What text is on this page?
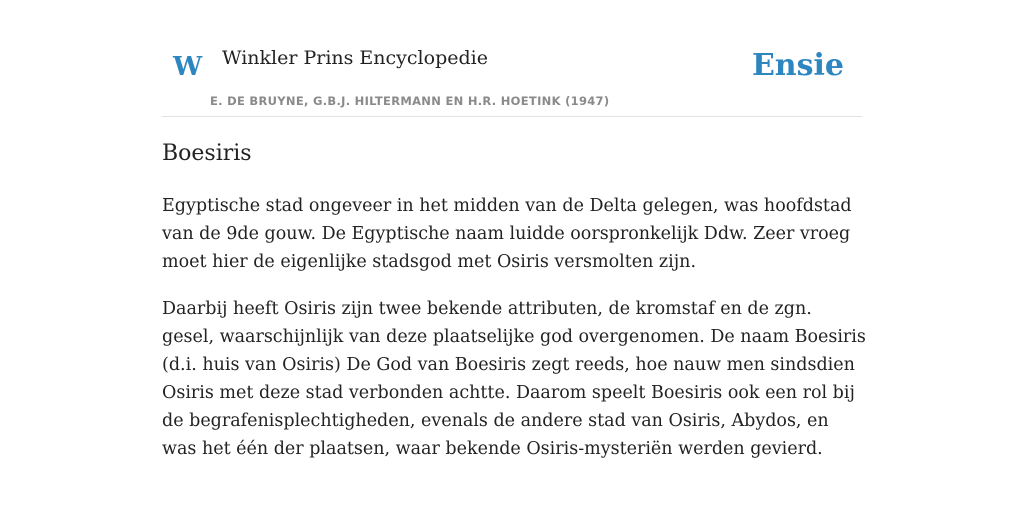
W Winkler Prins Encyclopedie
E. DE BRUYNE, G.B.J. HILTERMANN EN H.R. HOETINK (1947)
Ensie
Boesiris

Egyptische stad ongeveer in het midden van de Delta gelegen, was hoofdstad van de 9de gouw. De Egyptische naam luidde oorspronkelijk Ddw. Zeer vroeg moet hier de eigenlijke stadsgod met Osiris versmolten zijn.

Daarbij heeft Osiris zijn twee bekende attributen, de kromstaf en de zgn. gesel, waarschijnlijk van deze plaatselijke god overgenomen. De naam Boesiris (d.i. huis van Osiris) De God van Boesiris zegt reeds, hoe nauw men sindsdien Osiris met deze stad verbonden achtte. Daarom speelt Boesiris ook een rol bij de begrafenisplechtigheden, evenals de andere stad van Osiris, Abydos, en was het één der plaatsen, waar bekende Osiris-mysteriën werden gevierd.
